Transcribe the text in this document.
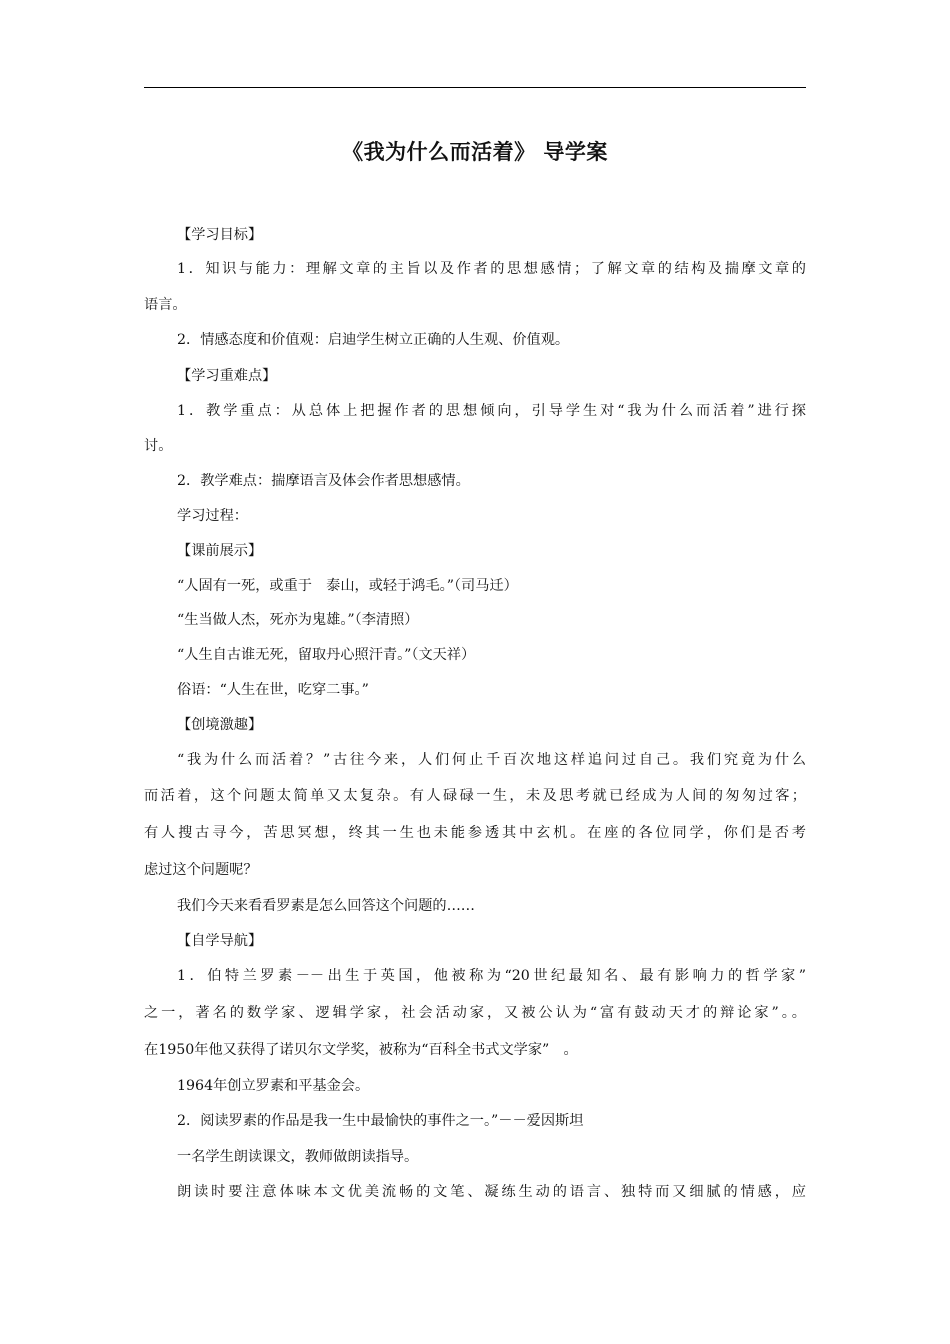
《我为什么而活着》 导学案
【学习目标】
1．知识与能力：理解文章的主旨以及作者的思想感情；了解文章的结构及揣摩文章的
语言。
2．情感态度和价值观：启迪学生树立正确的人生观、价值观。
【学习重难点】
1．教学重点：从总体上把握作者的思想倾向，引导学生对“我为什么而活着”进行探
讨。
2．教学难点：揣摩语言及体会作者思想感情。
学习过程：
【课前展示】
“人固有一死，或重于　泰山，或轻于鸿毛。”（司马迁）
“生当做人杰，死亦为鬼雄。”（李清照）
“人生自古谁无死，留取丹心照汗青。”（文天祥）
俗语：“人生在世，吃穿二事。”
【创境激趣】
“我为什么而活着？”古往今来，人们何止千百次地这样追问过自己。我们究竟为什么
而活着，这个问题太简单又太复杂。有人碌碌一生，未及思考就已经成为人间的匆匆过客；
有人搜古寻今，苦思冥想，终其一生也未能参透其中玄机。在座的各位同学，你们是否考
虑过这个问题呢？
我们今天来看看罗素是怎么回答这个问题的……
【自学导航】
1．伯特兰罗素－－出生于英国，他被称为“20世纪最知名、最有影响力的哲学家”
之一，著名的数学家、逻辑学家，社会活动家，又被公认为“富有鼓动天才的辩论家”。。
在1950年他又获得了诺贝尔文学奖，被称为“百科全书式文学家”　。
1964年创立罗素和平基金会。
2．阅读罗素的作品是我一生中最愉快的事件之一。”－－爱因斯坦
一名学生朗读课文，教师做朗读指导。
朗读时要注意体味本文优美流畅的文笔、凝练生动的语言、独特而又细腻的情感，应
